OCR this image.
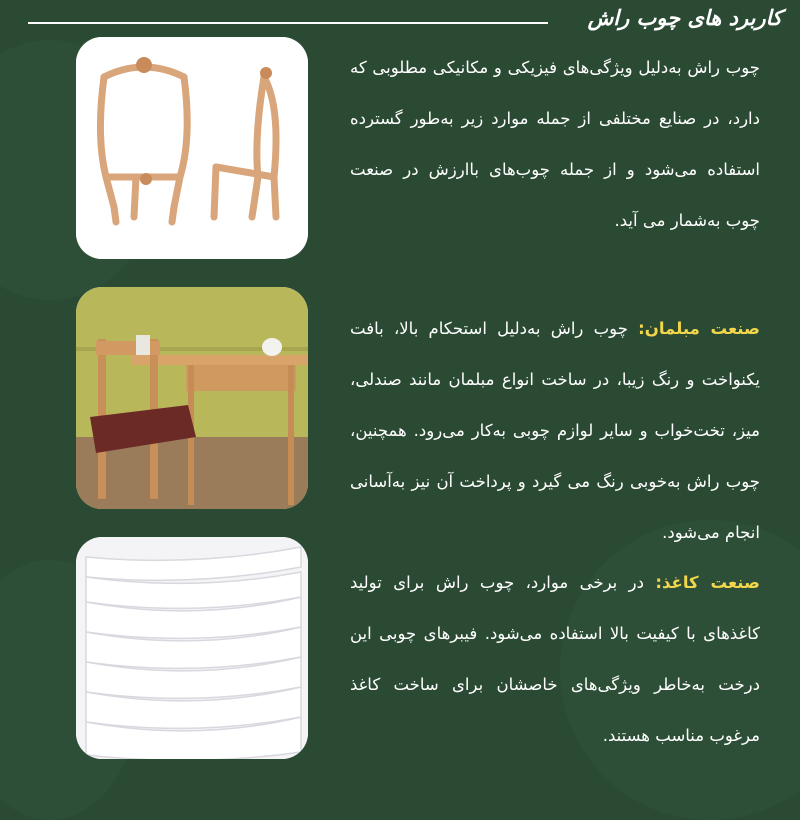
کاربرد های چوب راش
چوب راش به‌دلیل ویژگی‌های فیزیکی و مکانیکی مطلوبی که دارد، در صنایع مختلفی از جمله موارد زیر به‌طور گسترده استفاده می‌شود و از جمله چوب‌های باارزش در صنعت چوب به‌شمار می آید.
صنعت مبلمان: چوب راش به‌دلیل استحکام بالا، بافت یکنواخت و رنگ زیبا، در ساخت انواع مبلمان مانند صندلی، میز، تخت‌خواب و سایر لوازم چوبی به‌کار می‌رود. همچنین، چوب راش به‌خوبی رنگ می گیرد و پرداخت آن نیز به‌آسانی انجام می‌شود.
صنعت کاغذ: در برخی موارد، چوب راش برای تولید کاغذهای با کیفیت بالا استفاده می‌شود. فیبرهای چوبی این درخت به‌خاطر ویژگی‌های خاصشان برای ساخت کاغذ مرغوب مناسب هستند.
